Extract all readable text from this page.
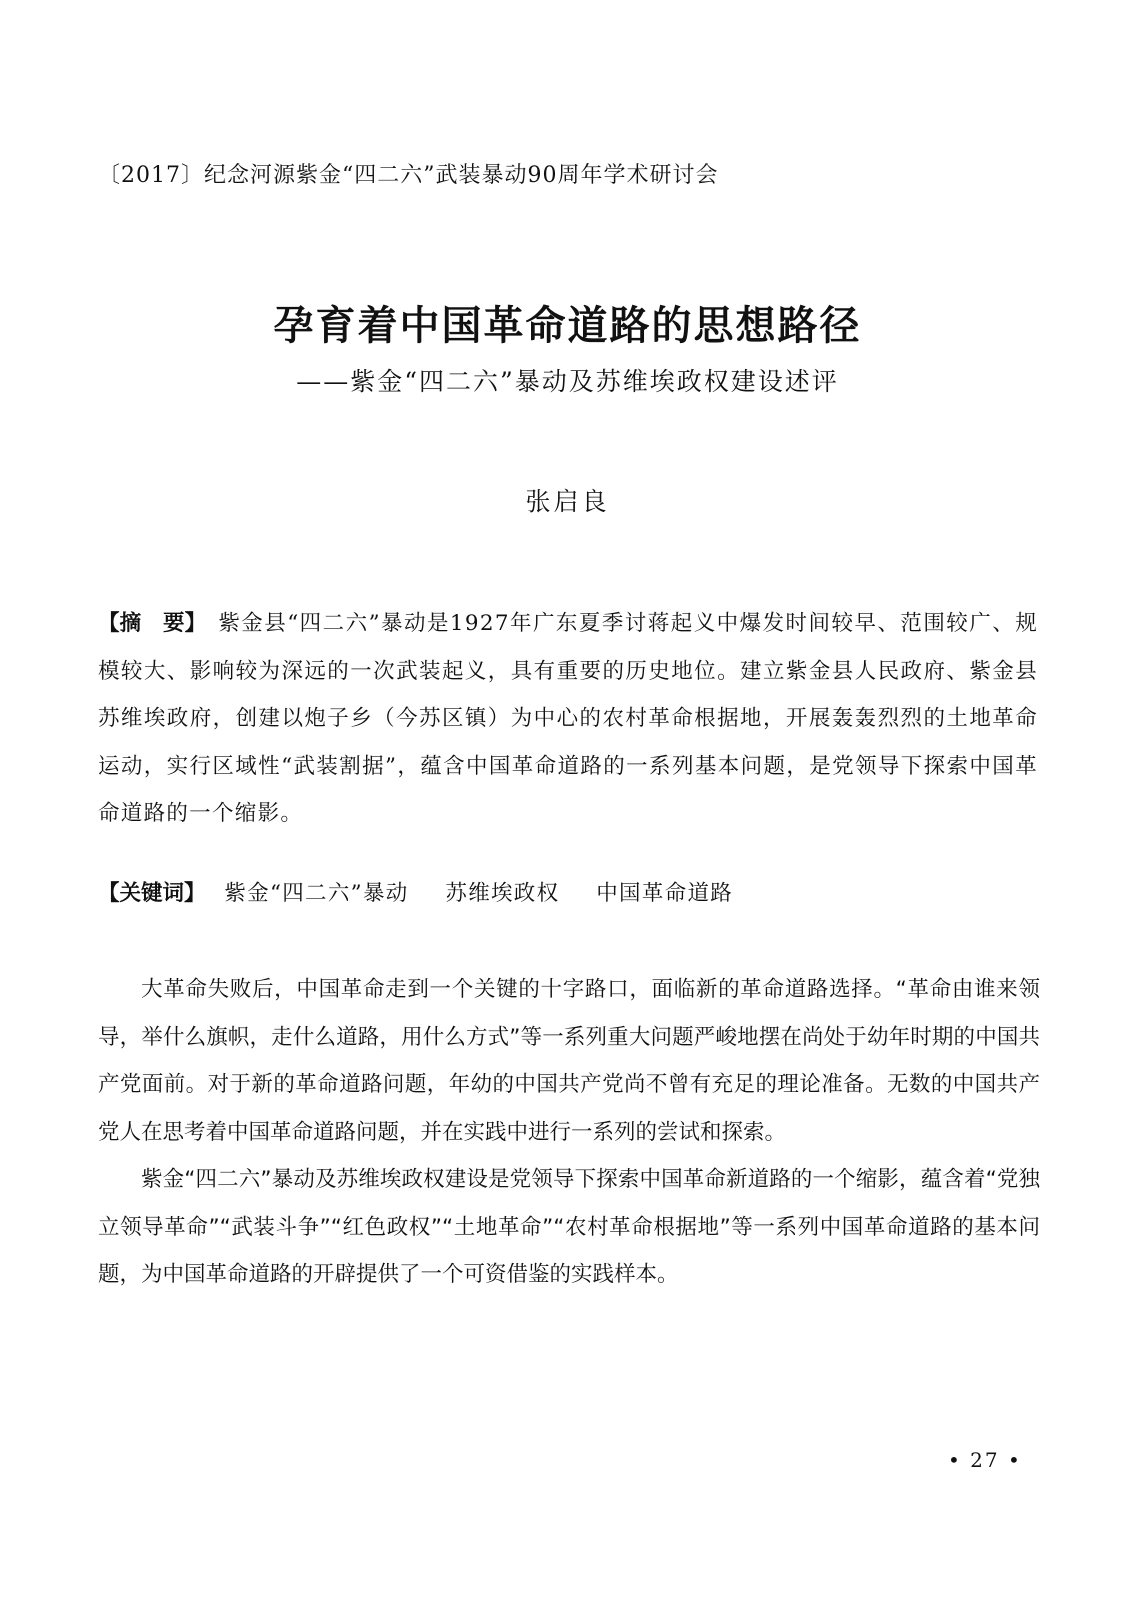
〔2017〕纪念河源紫金“四二六”武装暴动90周年学术研讨会
孕育着中国革命道路的思想路径
——紫金“四二六”暴动及苏维埃政权建设述评
张启良
【摘　要】 紫金县“四二六”暴动是1927年广东夏季讨蒋起义中爆发时间较早、范围较广、规模较大、影响较为深远的一次武装起义，具有重要的历史地位。建立紫金县人民政府、紫金县苏维埃政府，创建以炮子乡（今苏区镇）为中心的农村革命根据地，开展轰轰烈烈的土地革命运动，实行区域性“武装割据”，蕴含中国革命道路的一系列基本问题，是党领导下探索中国革命道路的一个缩影。
【关键词】 紫金“四二六”暴动 苏维埃政权 中国革命道路

大革命失败后，中国革命走到一个关键的十字路口，面临新的革命道路选择。“革命由谁来领导，举什么旗帜，走什么道路，用什么方式”等一系列重大问题严峻地摆在尚处于幼年时期的中国共产党面前。对于新的革命道路问题，年幼的中国共产党尚不曾有充足的理论准备。无数的中国共产党人在思考着中国革命道路问题，并在实践中进行一系列的尝试和探索。

紫金“四二六”暴动及苏维埃政权建设是党领导下探索中国革命新道路的一个缩影，蕴含着“党独立领导革命”“武装斗争”“红色政权”“土地革命”“农村革命根据地”等一系列中国革命道路的基本问题，为中国革命道路的开辟提供了一个可资借鉴的实践样本。

• 27 •
